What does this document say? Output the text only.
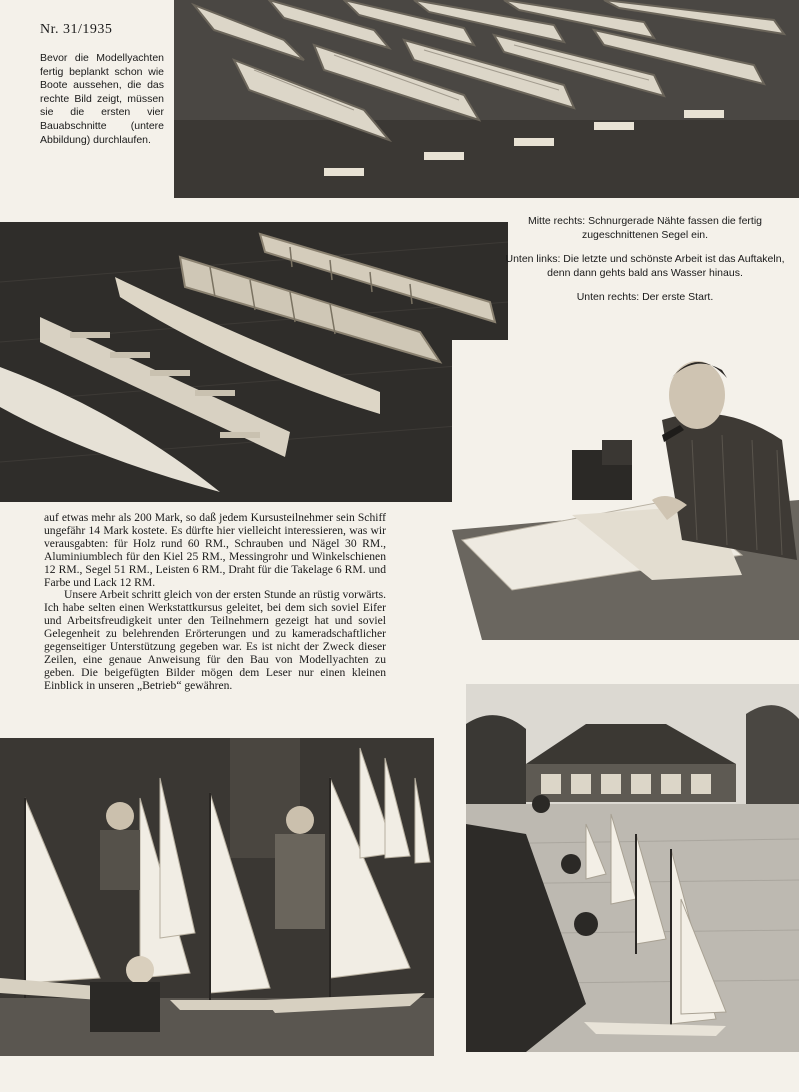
Nr. 31/1935
Bevor die Modellyachten fertig beplankt schon wie Boote aussehen, die das rechte Bild zeigt, müssen sie die ersten vier Bauabschnitte (untere Abbildung) durchlaufen.

Mitte rechts: Schnurgerade Nähte fassen die fertig zugeschnittenen Segel ein.

Unten links: Die letzte und schönste Arbeit ist das Auftakeln, denn dann gehts bald ans Wasser hinaus.

Unten rechts: Der erste Start.

auf etwas mehr als 200 Mark, so daß jedem Kursusteilnehmer sein Schiff ungefähr 14 Mark kostete. Es dürfte hier vielleicht interessieren, was wir verausgabten: für Holz rund 60 RM., Schrauben und Nägel 30 RM., Aluminiumblech für den Kiel 25 RM., Messingrohr und Winkelschienen 12 RM., Segel 51 RM., Leisten 6 RM., Draht für die Takelage 6 RM. und Farbe und Lack 12 RM.

Unsere Arbeit schritt gleich von der ersten Stunde an rüstig vorwärts. Ich habe selten einen Werkstattkursus geleitet, bei dem sich soviel Eifer und Arbeitsfreudigkeit unter den Teilnehmern gezeigt hat und soviel Gelegenheit zu belehrenden Erörterungen und zu kameradschaftlicher gegenseitiger Unterstützung gegeben war. Es ist nicht der Zweck dieser Zeilen, eine genaue Anweisung für den Bau von Modellyachten zu geben. Die beigefügten Bilder mögen dem Leser nur einen kleinen Einblick in unseren „Betrieb“ gewähren.
